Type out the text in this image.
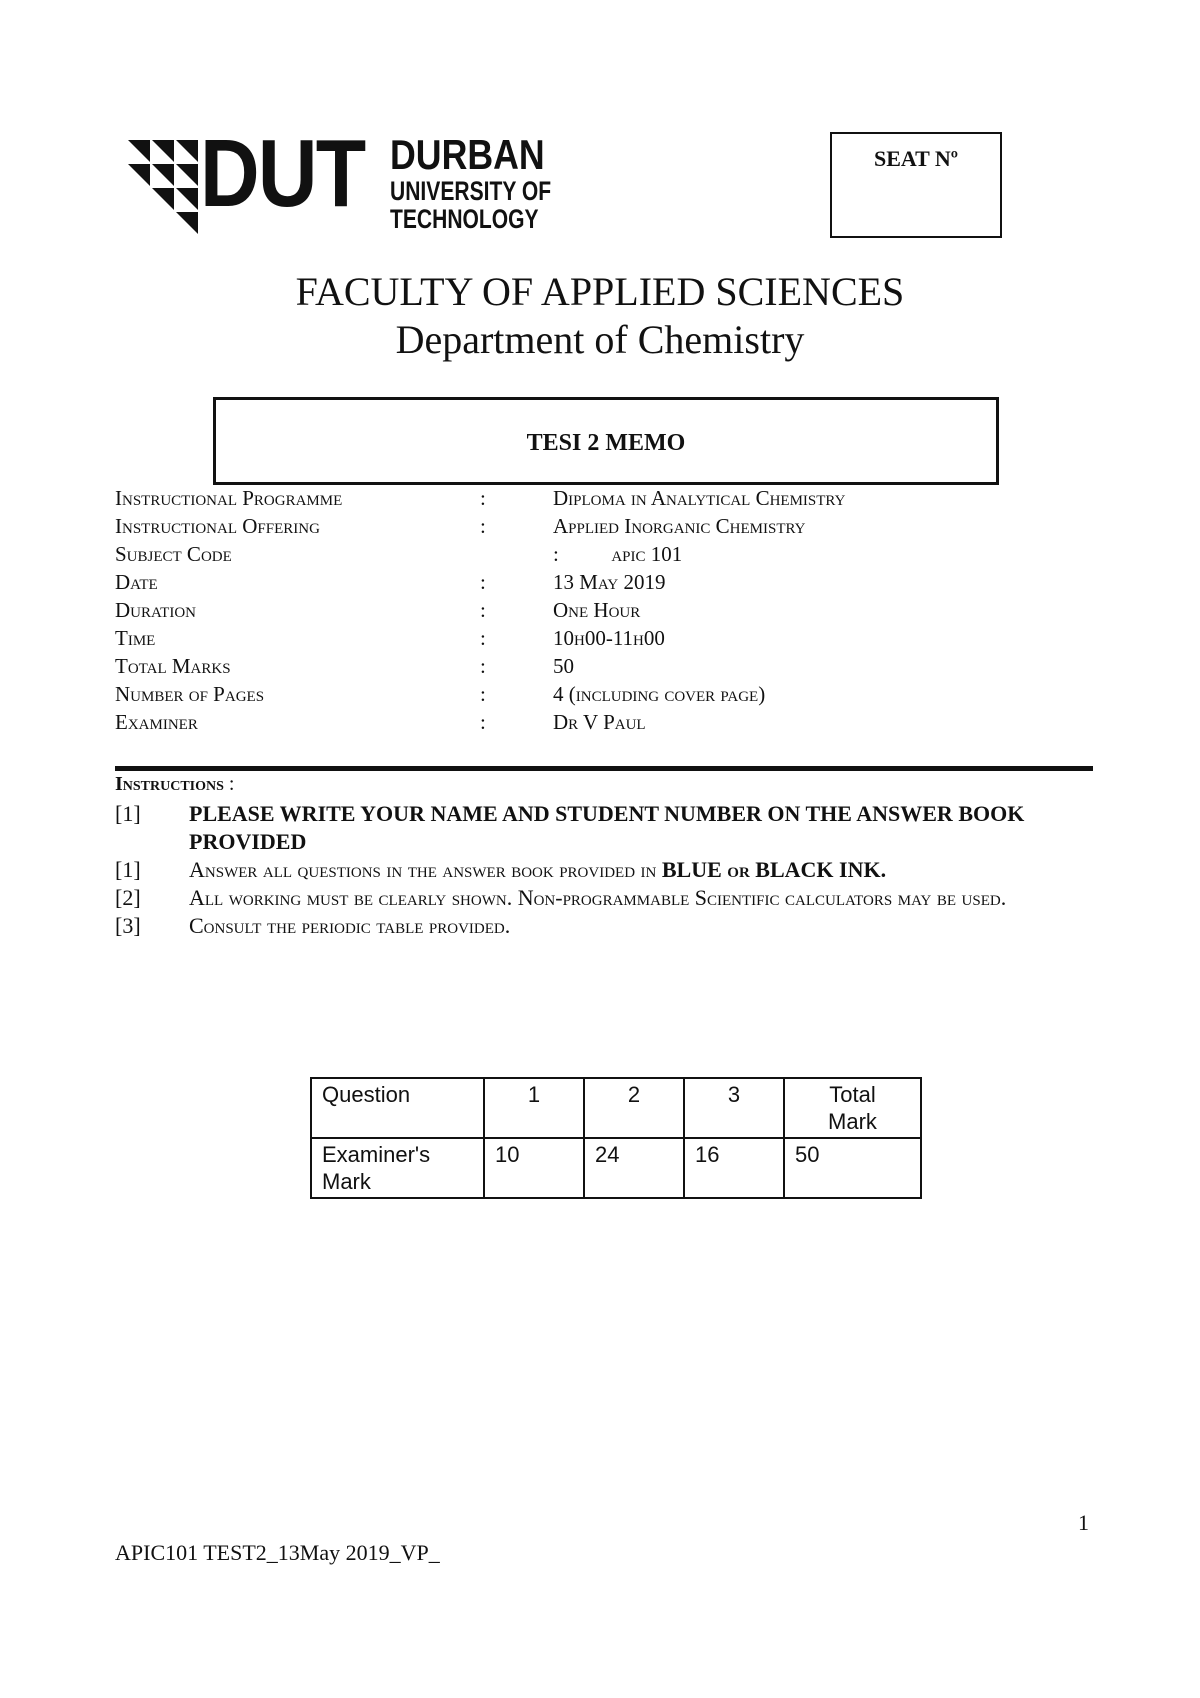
DUT DURBAN
UNIVERSITY OF
TECHNOLOGY
SEAT Nº
FACULTY OF APPLIED SCIENCES
Department of Chemistry
TESI 2 MEMO
Instructional Programme	:	Diploma in Analytical Chemistry
Instructional Offering	:	Applied Inorganic Chemistry
Subject Code	:          apic 101
Date	:	13 May 2019
Duration	:	One Hour
Time	:	10h00-11h00
Total Marks	:	50
Number of Pages	:	4 (including cover page)
Examiner	:	Dr V Paul
Instructions :
[1] PLEASE WRITE YOUR NAME AND STUDENT NUMBER ON THE ANSWER BOOK PROVIDED
[1] Answer all questions in the answer book provided in BLUE or BLACK INK.
[2] All working must be clearly shown. Non-programmable Scientific calculators may be used.
[3] Consult the periodic table provided.
Question	1	2	3	Total Mark
Examiner's Mark	10	24	16	50
1
APIC101 TEST2_13May 2019_VP_
